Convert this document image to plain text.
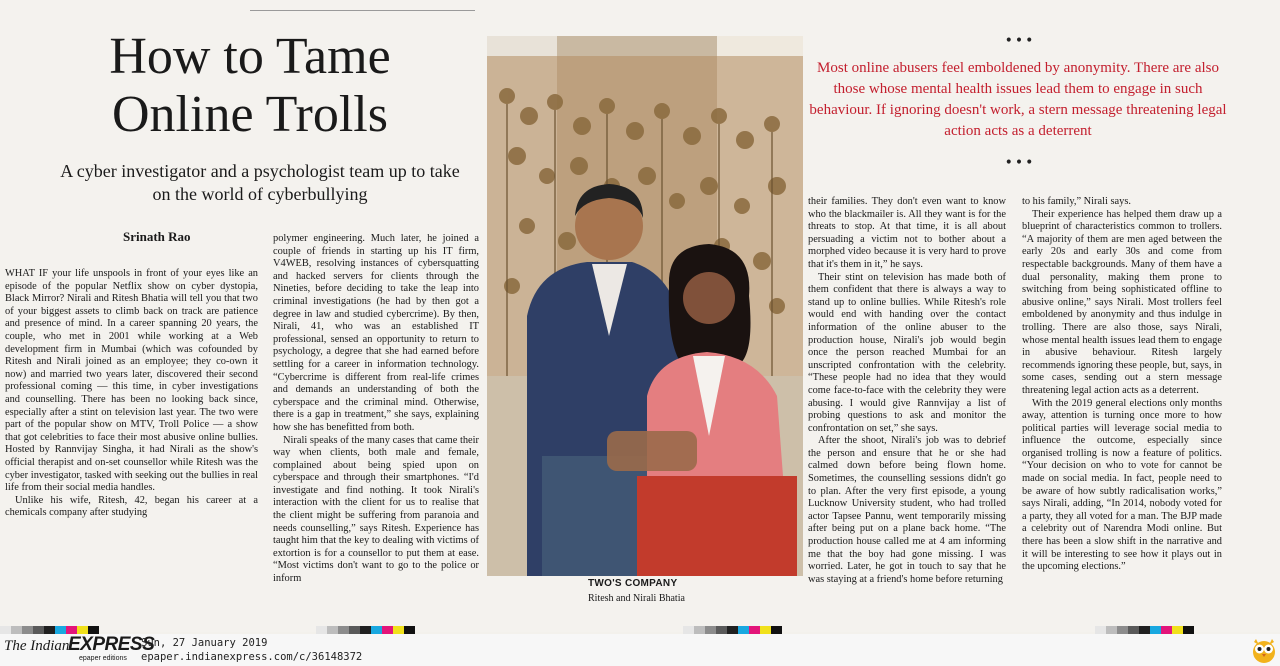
How to Tame
Online Trolls
A cyber investigator and a psychologist team up to take on the world of cyberbullying
Srinath Rao

WHAT IF your life unspools in front of your eyes like an episode of the popular Netflix show on cyber dystopia, Black Mirror? Nirali and Ritesh Bhatia will tell you that two of your biggest assets to climb back on track are patience and presence of mind. In a career spanning 20 years, the couple, who met in 2001 while working at a Web development firm in Mumbai (which was cofounded by Ritesh and Nirali joined as an employee; they co-own it now) and married two years later, discovered their second professional coming — this time, in cyber investigations and counselling. There has been no looking back since, especially after a stint on television last year. The two were part of the popular show on MTV, Troll Police — a show that got celebrities to face their most abusive online bullies. Hosted by Rannvijay Singha, it had Nirali as the show's official therapist and on-set counsellor while Ritesh was the cyber investigator, tasked with seeking out the bullies in real life from their social media handles.

Unlike his wife, Ritesh, 42, began his career at a chemicals company after studying

polymer engineering. Much later, he joined a couple of friends in starting up his IT firm, V4WEB, resolving instances of cybersquatting and hacked servers for clients through the Nineties, before deciding to take the leap into criminal investigations (he had by then got a degree in law and studied cybercrime). By then, Nirali, 41, who was an established IT professional, sensed an opportunity to return to psychology, a degree that she had earned before settling for a career in information technology. “Cybercrime is different from real-life crimes and demands an understanding of both the cyberspace and the criminal mind. Otherwise, there is a gap in treatment,” she says, explaining how she has benefitted from both.

Nirali speaks of the many cases that came their way when clients, both male and female, complained about being spied upon on cyberspace and through their smartphones. “I'd investigate and find nothing. It took Nirali's interaction with the client for us to realise that the client might be suffering from paranoia and needs counselling,” says Ritesh. Experience has taught him that the key to dealing with victims of extortion is for a counsellor to put them at ease. “Most victims don't want to go to the police or inform

their families. They don't even want to know who the blackmailer is. All they want is for the threats to stop. At that time, it is all about persuading a victim not to bother about a morphed video because it is very hard to prove that it's them in it,” he says.

Their stint on television has made both of them confident that there is always a way to stand up to online bullies. While Ritesh's role would end with handing over the contact information of the online abuser to the production house, Nirali's job would begin once the person reached Mumbai for an unscripted confrontation with the celebrity. “These people had no idea that they would come face-to-face with the celebrity they were abusing. I would give Rannvijay a list of probing questions to ask and monitor the confrontation on set,” she says.

After the shoot, Nirali's job was to debrief the person and ensure that he or she had calmed down before being flown home. Sometimes, the counselling sessions didn't go to plan. After the very first episode, a young Lucknow University student, who had trolled actor Tapsee Pannu, went temporarily missing after being put on a plane back home. “The production house called me at 4 am informing me that the boy had gone missing. I was worried. Later, he got in touch to say that he was staying at a friend's home before returning

to his family,” Nirali says.

Their experience has helped them draw up a blueprint of characteristics common to trollers. “A majority of them are men aged between the early 20s and early 30s and come from respectable backgrounds. Many of them have a dual personality, making them prone to switching from being sophisticated offline to abusive online,” says Nirali. Most trollers feel emboldened by anonymity and thus indulge in trolling. There are also those, says Nirali, whose mental health issues lead them to engage in abusive behaviour. Ritesh largely recommends ignoring these people, but, says, in some cases, sending out a stern message threatening legal action acts as a deterrent.

With the 2019 general elections only months away, attention is turning once more to how political parties will leverage social media to influence the outcome, especially since organised trolling is now a feature of politics. “Your decision on who to vote for cannot be made on social media. In fact, people need to be aware of how subtly radicalisation works,” says Nirali, adding, “In 2014, nobody voted for a party, they all voted for a man. The BJP made a celebrity out of Narendra Modi online. But there has been a slow shift in the narrative and it will be interesting to see how it plays out in the upcoming elections.”

•••
Most online abusers feel emboldened by anonymity. There are also those whose mental health issues lead them to engage in such behaviour. If ignoring doesn't work, a stern message threatening legal action acts as a deterrent
•••
TWO'S COMPANY
Ritesh and Nirali Bhatia
The Indian
EXPRESS
epaper editions
Sun, 27 January 2019
epaper.indianexpress.com/c/36148372
